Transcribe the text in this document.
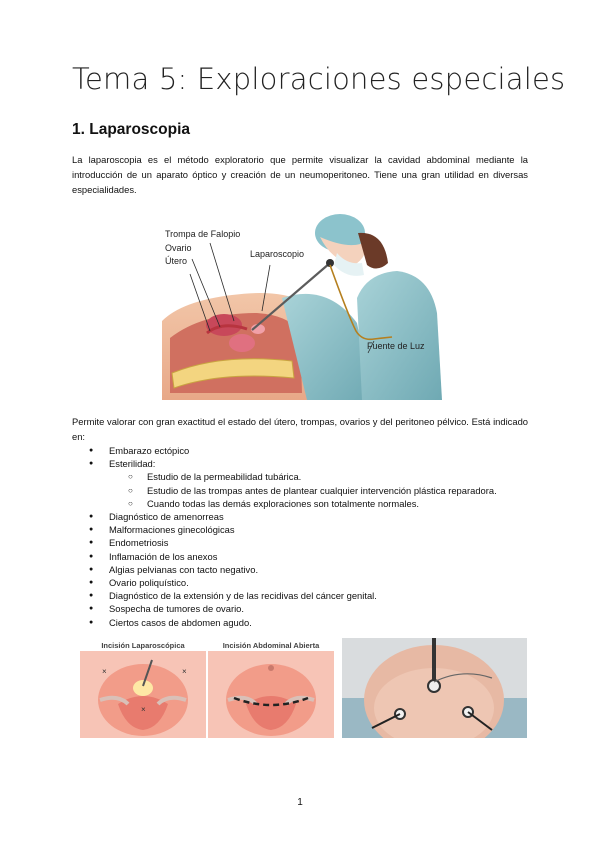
Tema 5: Exploraciones especiales
1. Laparoscopia
La laparoscopia es el método exploratorio que permite visualizar la cavidad abdominal mediante la introducción de un aparato óptico y creación de un neumoperitoneo. Tiene una gran utilidad en diversas especialidades.
Trompa de Falopio
Ovario
Útero
Laparoscopio
Fuente de Luz
Permite valorar con gran exactitud el estado del útero, trompas, ovarios y del peritoneo pélvico. Está indicado en:
● Embarazo ectópico
● Esterilidad:
○ Estudio de la permeabilidad tubárica.
○ Estudio de las trompas antes de plantear cualquier intervención plástica reparadora.
○ Cuando todas las demás exploraciones son totalmente normales.
● Diagnóstico de amenorreas
● Malformaciones ginecológicas
● Endometriosis
● Inflamación de los anexos
● Algias pelvianas con tacto negativo.
● Ovario poliquístico.
● Diagnóstico de la extensión y de las recidivas del cáncer genital.
● Sospecha de tumores de ovario.
● Ciertos casos de abdomen agudo.
Incisión Laparoscópica	Incisión Abdominal Abierta
×	×
×
1
